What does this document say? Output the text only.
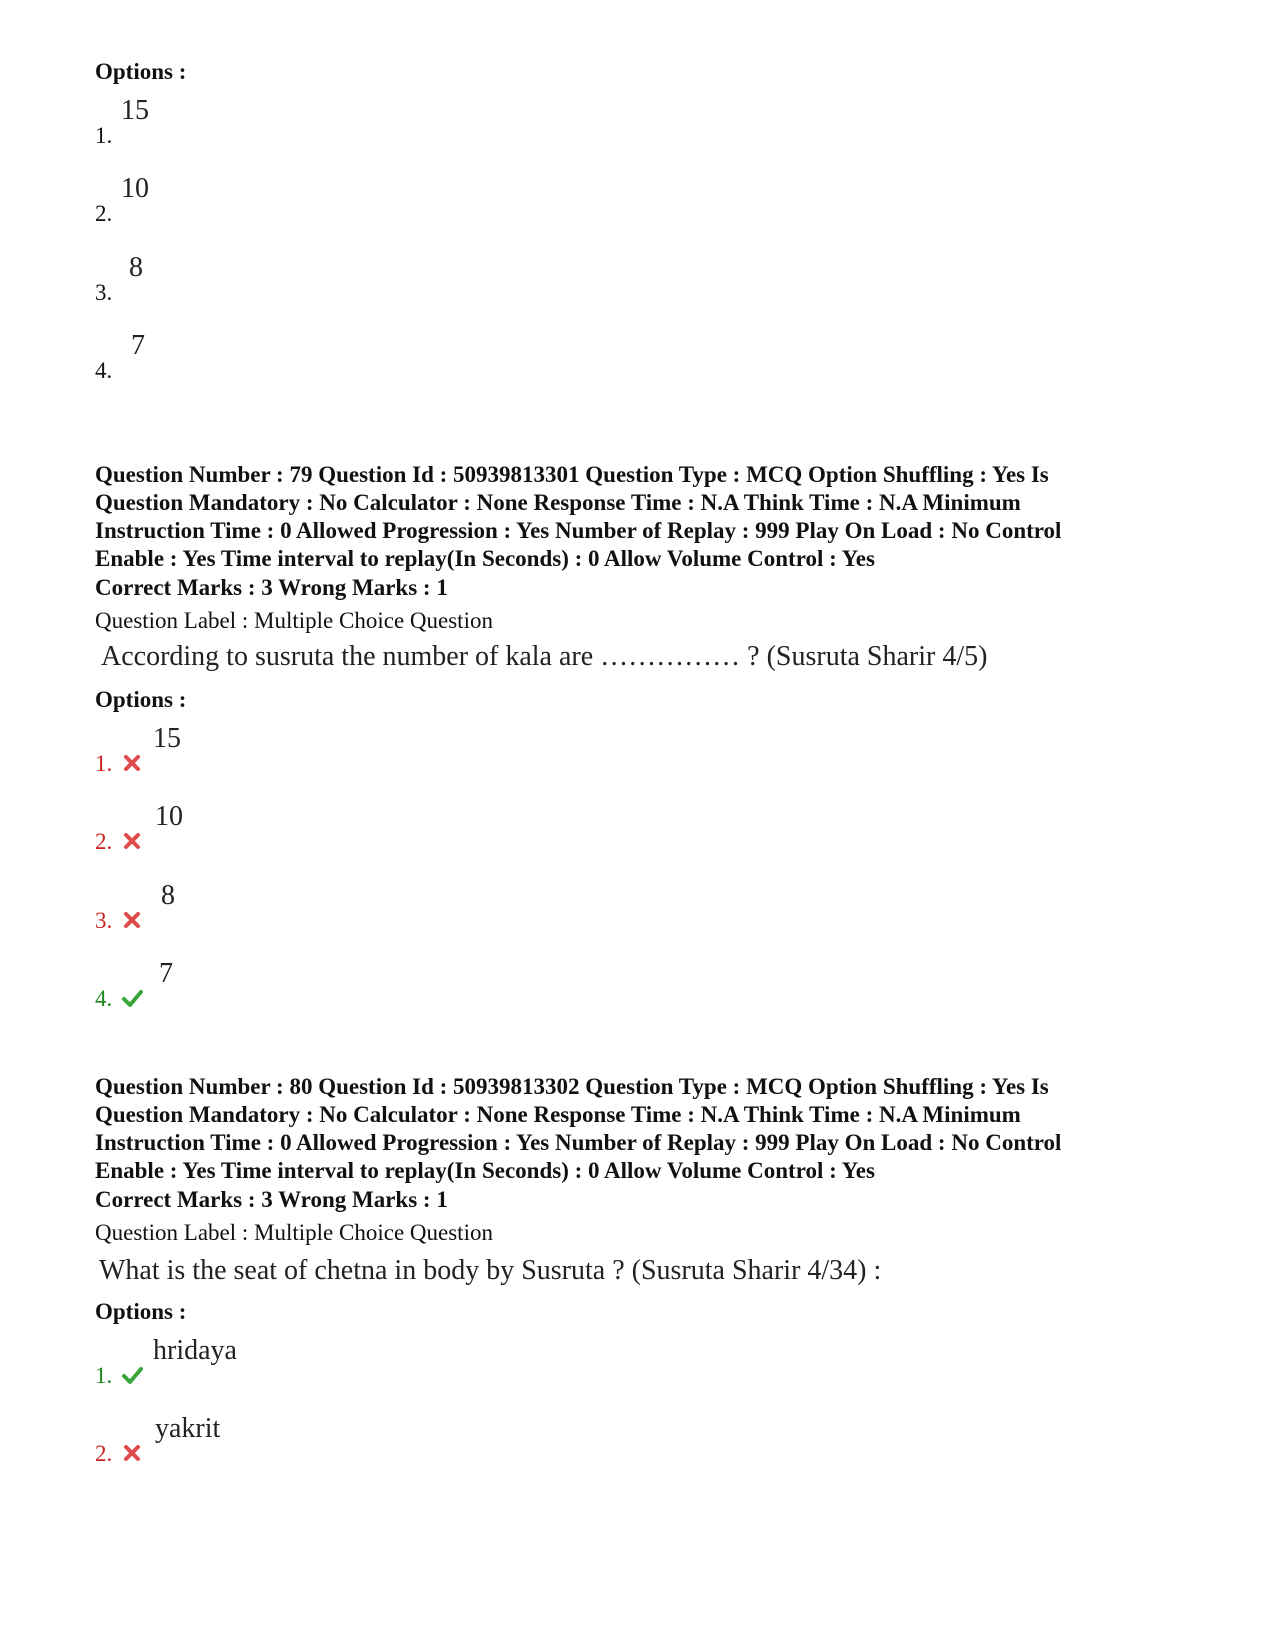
Options :
1.
15
2.
10
3.
8
4.
7
Question Number : 79 Question Id : 50939813301 Question Type : MCQ Option Shuffling : Yes Is
Question Mandatory : No Calculator : None Response Time : N.A Think Time : N.A Minimum
Instruction Time : 0 Allowed Progression : Yes Number of Replay : 999 Play On Load : No Control
Enable : Yes Time interval to replay(In Seconds) : 0 Allow Volume Control : Yes
Correct Marks : 3 Wrong Marks : 1
Question Label : Multiple Choice Question
According to susruta the number of kala are …………… ? (Susruta Sharir 4/5)
Options :
1.
15
2.
10
3.
8
4.
7
Question Number : 80 Question Id : 50939813302 Question Type : MCQ Option Shuffling : Yes Is
Question Mandatory : No Calculator : None Response Time : N.A Think Time : N.A Minimum
Instruction Time : 0 Allowed Progression : Yes Number of Replay : 999 Play On Load : No Control
Enable : Yes Time interval to replay(In Seconds) : 0 Allow Volume Control : Yes
Correct Marks : 3 Wrong Marks : 1
Question Label : Multiple Choice Question
What is the seat of chetna in body by Susruta ? (Susruta Sharir 4/34) :
Options :
1.
hridaya
2.
yakrit
